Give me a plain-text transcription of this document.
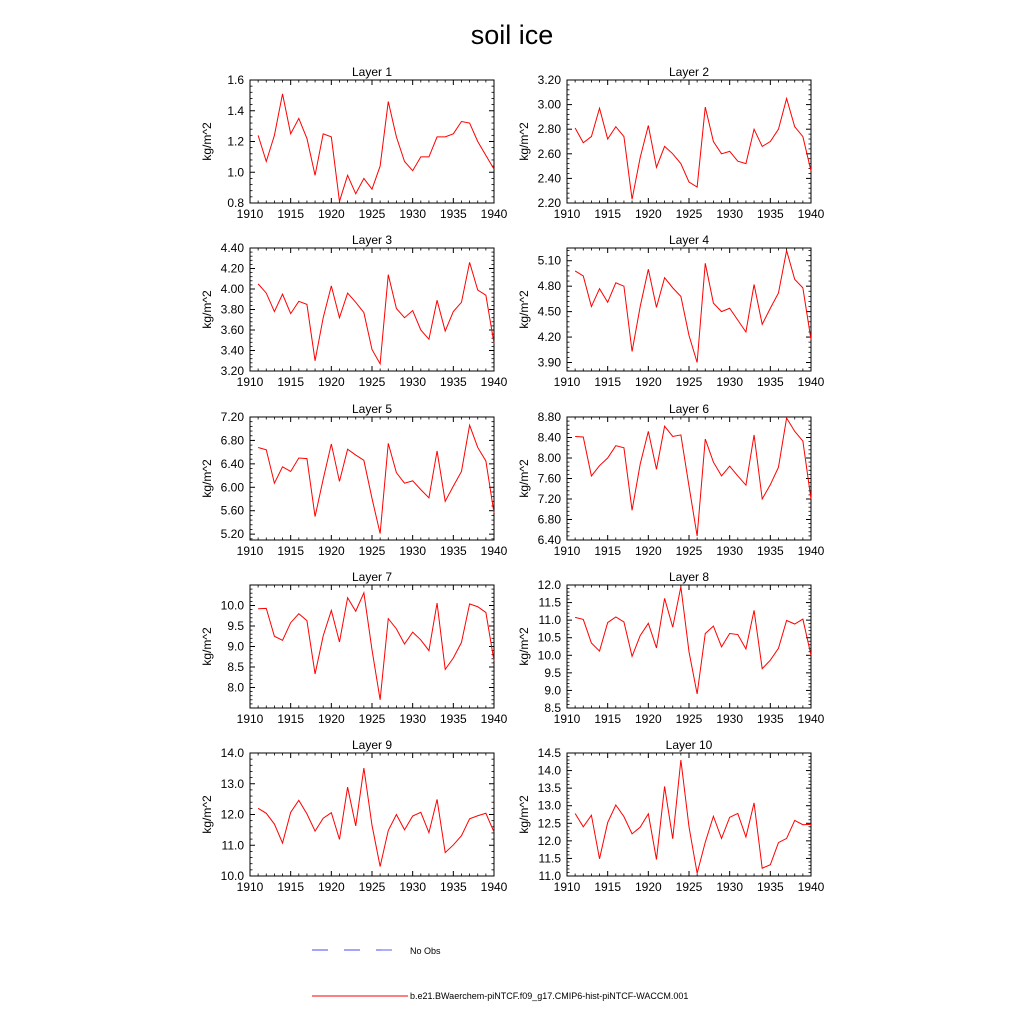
soil ice
Layer 1
kg/m^2
1910 1915 1920 1925 1930 1935 1940
0.8
1.0
1.2
1.4
1.6
Layer 2
kg/m^2
1910 1915 1920 1925 1930 1935 1940
2.20
2.40
2.60
2.80
3.00
3.20
Layer 3
kg/m^2
1910 1915 1920 1925 1930 1935 1940
3.20
3.40
3.60
3.80
4.00
4.20
4.40
Layer 4
kg/m^2
1910 1915 1920 1925 1930 1935 1940
3.90
4.20
4.50
4.80
5.10
Layer 5
kg/m^2
1910 1915 1920 1925 1930 1935 1940
5.20
5.60
6.00
6.40
6.80
7.20
Layer 6
kg/m^2
1910 1915 1920 1925 1930 1935 1940
6.40
6.80
7.20
7.60
8.00
8.40
8.80
Layer 7
kg/m^2
1910 1915 1920 1925 1930 1935 1940
8.0
8.5
9.0
9.5
10.0
Layer 8
kg/m^2
1910 1915 1920 1925 1930 1935 1940
8.5
9.0
9.5
10.0
10.5
11.0
11.5
12.0
Layer 9
kg/m^2
1910 1915 1920 1925 1930 1935 1940
10.0
11.0
12.0
13.0
14.0
Layer 10
kg/m^2
1910 1915 1920 1925 1930 1935 1940
11.0
11.5
12.0
12.5
13.0
13.5
14.0
14.5
No Obs
b.e21.BWaerchem-piNTCF.f09_g17.CMIP6-hist-piNTCF-WACCM.001
